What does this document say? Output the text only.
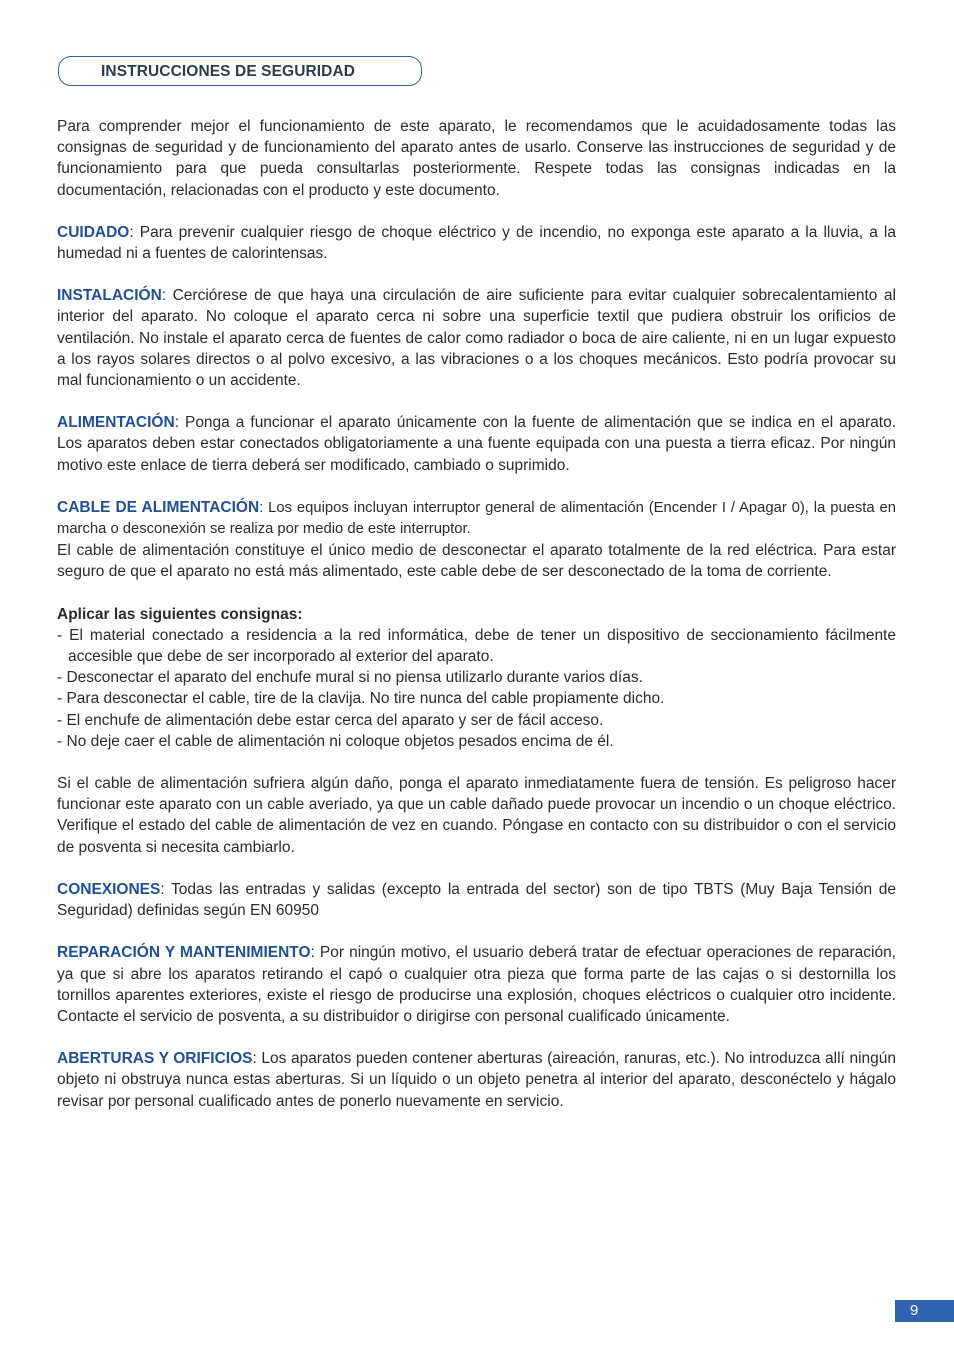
INSTRUCCIONES DE SEGURIDAD

Para comprender mejor el funcionamiento de este aparato, le recomendamos que le acuidadosamente todas las consignas de seguridad y de funcionamiento del aparato antes de usarlo. Conserve las instrucciones de seguridad y de funcionamiento para que pueda consultarlas posteriormente. Respete todas las consignas indicadas en la documentación, relacionadas con el producto y este documento.

CUIDADO: Para prevenir cualquier riesgo de choque eléctrico y de incendio, no exponga este aparato a la lluvia, a la humedad ni a fuentes de calorintensas.

INSTALACIÓN: Cerciórese de que haya una circulación de aire suficiente para evitar cualquier sobrecalentamiento al interior del aparato. No coloque el aparato cerca ni sobre una superficie textil que pudiera obstruir los orificios de ventilación. No instale el aparato cerca de fuentes de calor como radiador o boca de aire caliente, ni en un lugar expuesto a los rayos solares directos o al polvo excesivo, a las vibraciones o a los choques mecánicos. Esto podría provocar su mal funcionamiento o un accidente.

ALIMENTACIÓN: Ponga a funcionar el aparato únicamente con la fuente de alimentación que se indica en el aparato. Los aparatos deben estar conectados obligatoriamente a una fuente equipada con una puesta a tierra eficaz. Por ningún motivo este enlace de tierra deberá ser modificado, cambiado o suprimido.

CABLE DE ALIMENTACIÓN: Los equipos incluyan interruptor general de alimentación (Encender I / Apagar 0), la puesta en marcha o desconexión se realiza por medio de este interruptor.

El cable de alimentación constituye el único medio de desconectar el aparato totalmente de la red eléctrica. Para estar seguro de que el aparato no está más alimentado, este cable debe de ser desconectado de la toma de corriente.

Aplicar las siguientes consignas:

- El material conectado a residencia a la red informática, debe de tener un dispositivo de seccionamiento fácilmente accesible que debe de ser incorporado al exterior del aparato.
- Desconectar el aparato del enchufe mural si no piensa utilizarlo durante varios días.
- Para desconectar el cable, tire de la clavija. No tire nunca del cable propiamente dicho.
- El enchufe de alimentación debe estar cerca del aparato y ser de fácil acceso.
- No deje caer el cable de alimentación ni coloque objetos pesados encima de él.

Si el cable de alimentación sufriera algún daño, ponga el aparato inmediatamente fuera de tensión. Es peligroso hacer funcionar este aparato con un cable averiado, ya que un cable dañado puede provocar un incendio o un choque eléctrico. Verifique el estado del cable de alimentación de vez en cuando. Póngase en contacto con su distribuidor o con el servicio de posventa si necesita cambiarlo.

CONEXIONES: Todas las entradas y salidas (excepto la entrada del sector) son de tipo TBTS (Muy Baja Tensión de Seguridad) definidas según EN 60950

REPARACIÓN Y MANTENIMIENTO: Por ningún motivo, el usuario deberá tratar de efectuar operaciones de reparación, ya que si abre los aparatos retirando el capó o cualquier otra pieza que forma parte de las cajas o si destornilla los tornillos aparentes exteriores, existe el riesgo de producirse una explosión, choques eléctricos o cualquier otro incidente. Contacte el servicio de posventa, a su distribuidor o dirigirse con personal cualificado únicamente.

ABERTURAS Y ORIFICIOS: Los aparatos pueden contener aberturas (aireación, ranuras, etc.). No introduzca allí ningún objeto ni obstruya nunca estas aberturas. Si un líquido o un objeto penetra al interior del aparato, desconéctelo y hágalo revisar por personal cualificado antes de ponerlo nuevamente en servicio.

9
